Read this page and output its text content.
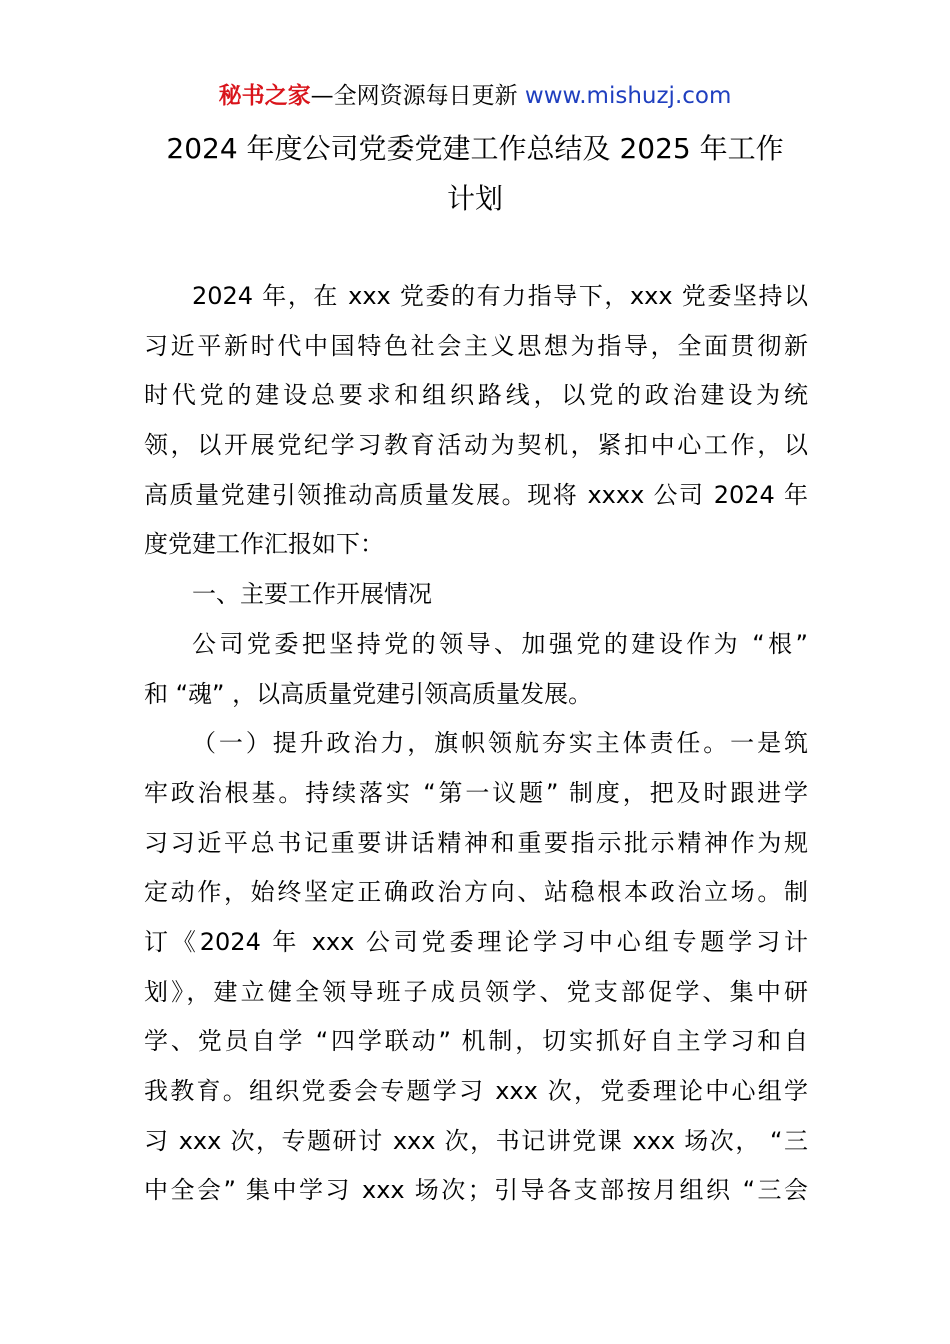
秘书之家—全网资源每日更新 www.mishuzj.com
2024 年度公司党委党建工作总结及 2025 年工作
计划
2024 年，在 xxx 党委的有力指导下，xxx 党委坚持以
习近平新时代中国特色社会主义思想为指导，全面贯彻新
时代党的建设总要求和组织路线，以党的政治建设为统
领，以开展党纪学习教育活动为契机，紧扣中心工作，以
高质量党建引领推动高质量发展。现将 xxxx 公司 2024 年
度党建工作汇报如下：
一、主要工作开展情况
公司党委把坚持党的领导、加强党的建设作为 “根”
和 “魂” ，以高质量党建引领高质量发展。
（一）提升政治力，旗帜领航夯实主体责任。一是筑
牢政治根基。持续落实 “第一议题” 制度，把及时跟进学
习习近平总书记重要讲话精神和重要指示批示精神作为规
定动作，始终坚定正确政治方向、站稳根本政治立场。制
订《2024 年 xxx 公司党委理论学习中心组专题学习计
划》，建立健全领导班子成员领学、党支部促学、集中研
学、党员自学 “四学联动” 机制，切实抓好自主学习和自
我教育。组织党委会专题学习 xxx 次，党委理论中心组学
习 xxx 次，专题研讨 xxx 次，书记讲党课 xxx 场次， “三
中全会” 集中学习 xxx 场次；引导各支部按月组织 “三会
